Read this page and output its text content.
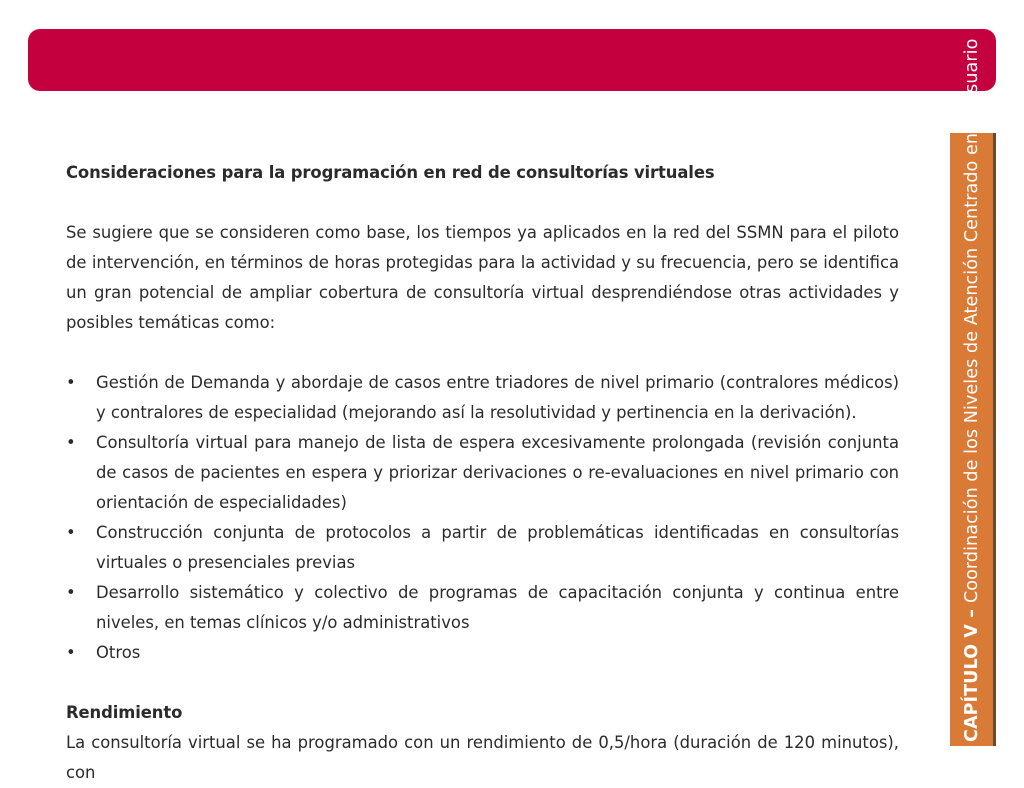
CAPÍTULO V –Coordinación de los Niveles de Atención Centrado en el Usuario
Consideraciones para la programación en red de consultorías virtuales

Se sugiere que se consideren como base, los tiempos ya aplicados en la red del SSMN para el piloto de intervención, en términos de horas protegidas para la actividad y su frecuencia, pero se identifica un gran potencial de ampliar cobertura de consultoría virtual desprendiéndose otras actividades y posibles temáticas como:

• Gestión de Demanda y abordaje de casos entre triadores de nivel primario (contralores médicos) y contralores de especialidad (mejorando así la resolutividad y pertinencia en la derivación).
• Consultoría virtual para manejo de lista de espera excesivamente prolongada (revisión conjunta de casos de pacientes en espera y priorizar derivaciones o re-evaluaciones en nivel primario con orientación de especialidades)
• Construcción conjunta de protocolos a partir de problemáticas identificadas en consultorías virtuales o presenciales previas
• Desarrollo sistemático y colectivo de programas de capacitación conjunta y continua entre niveles, en temas clínicos y/o administrativos
• Otros
Rendimiento

La consultoría virtual se ha programado con un rendimiento de 0,5/hora (duración de 120 minutos), con
